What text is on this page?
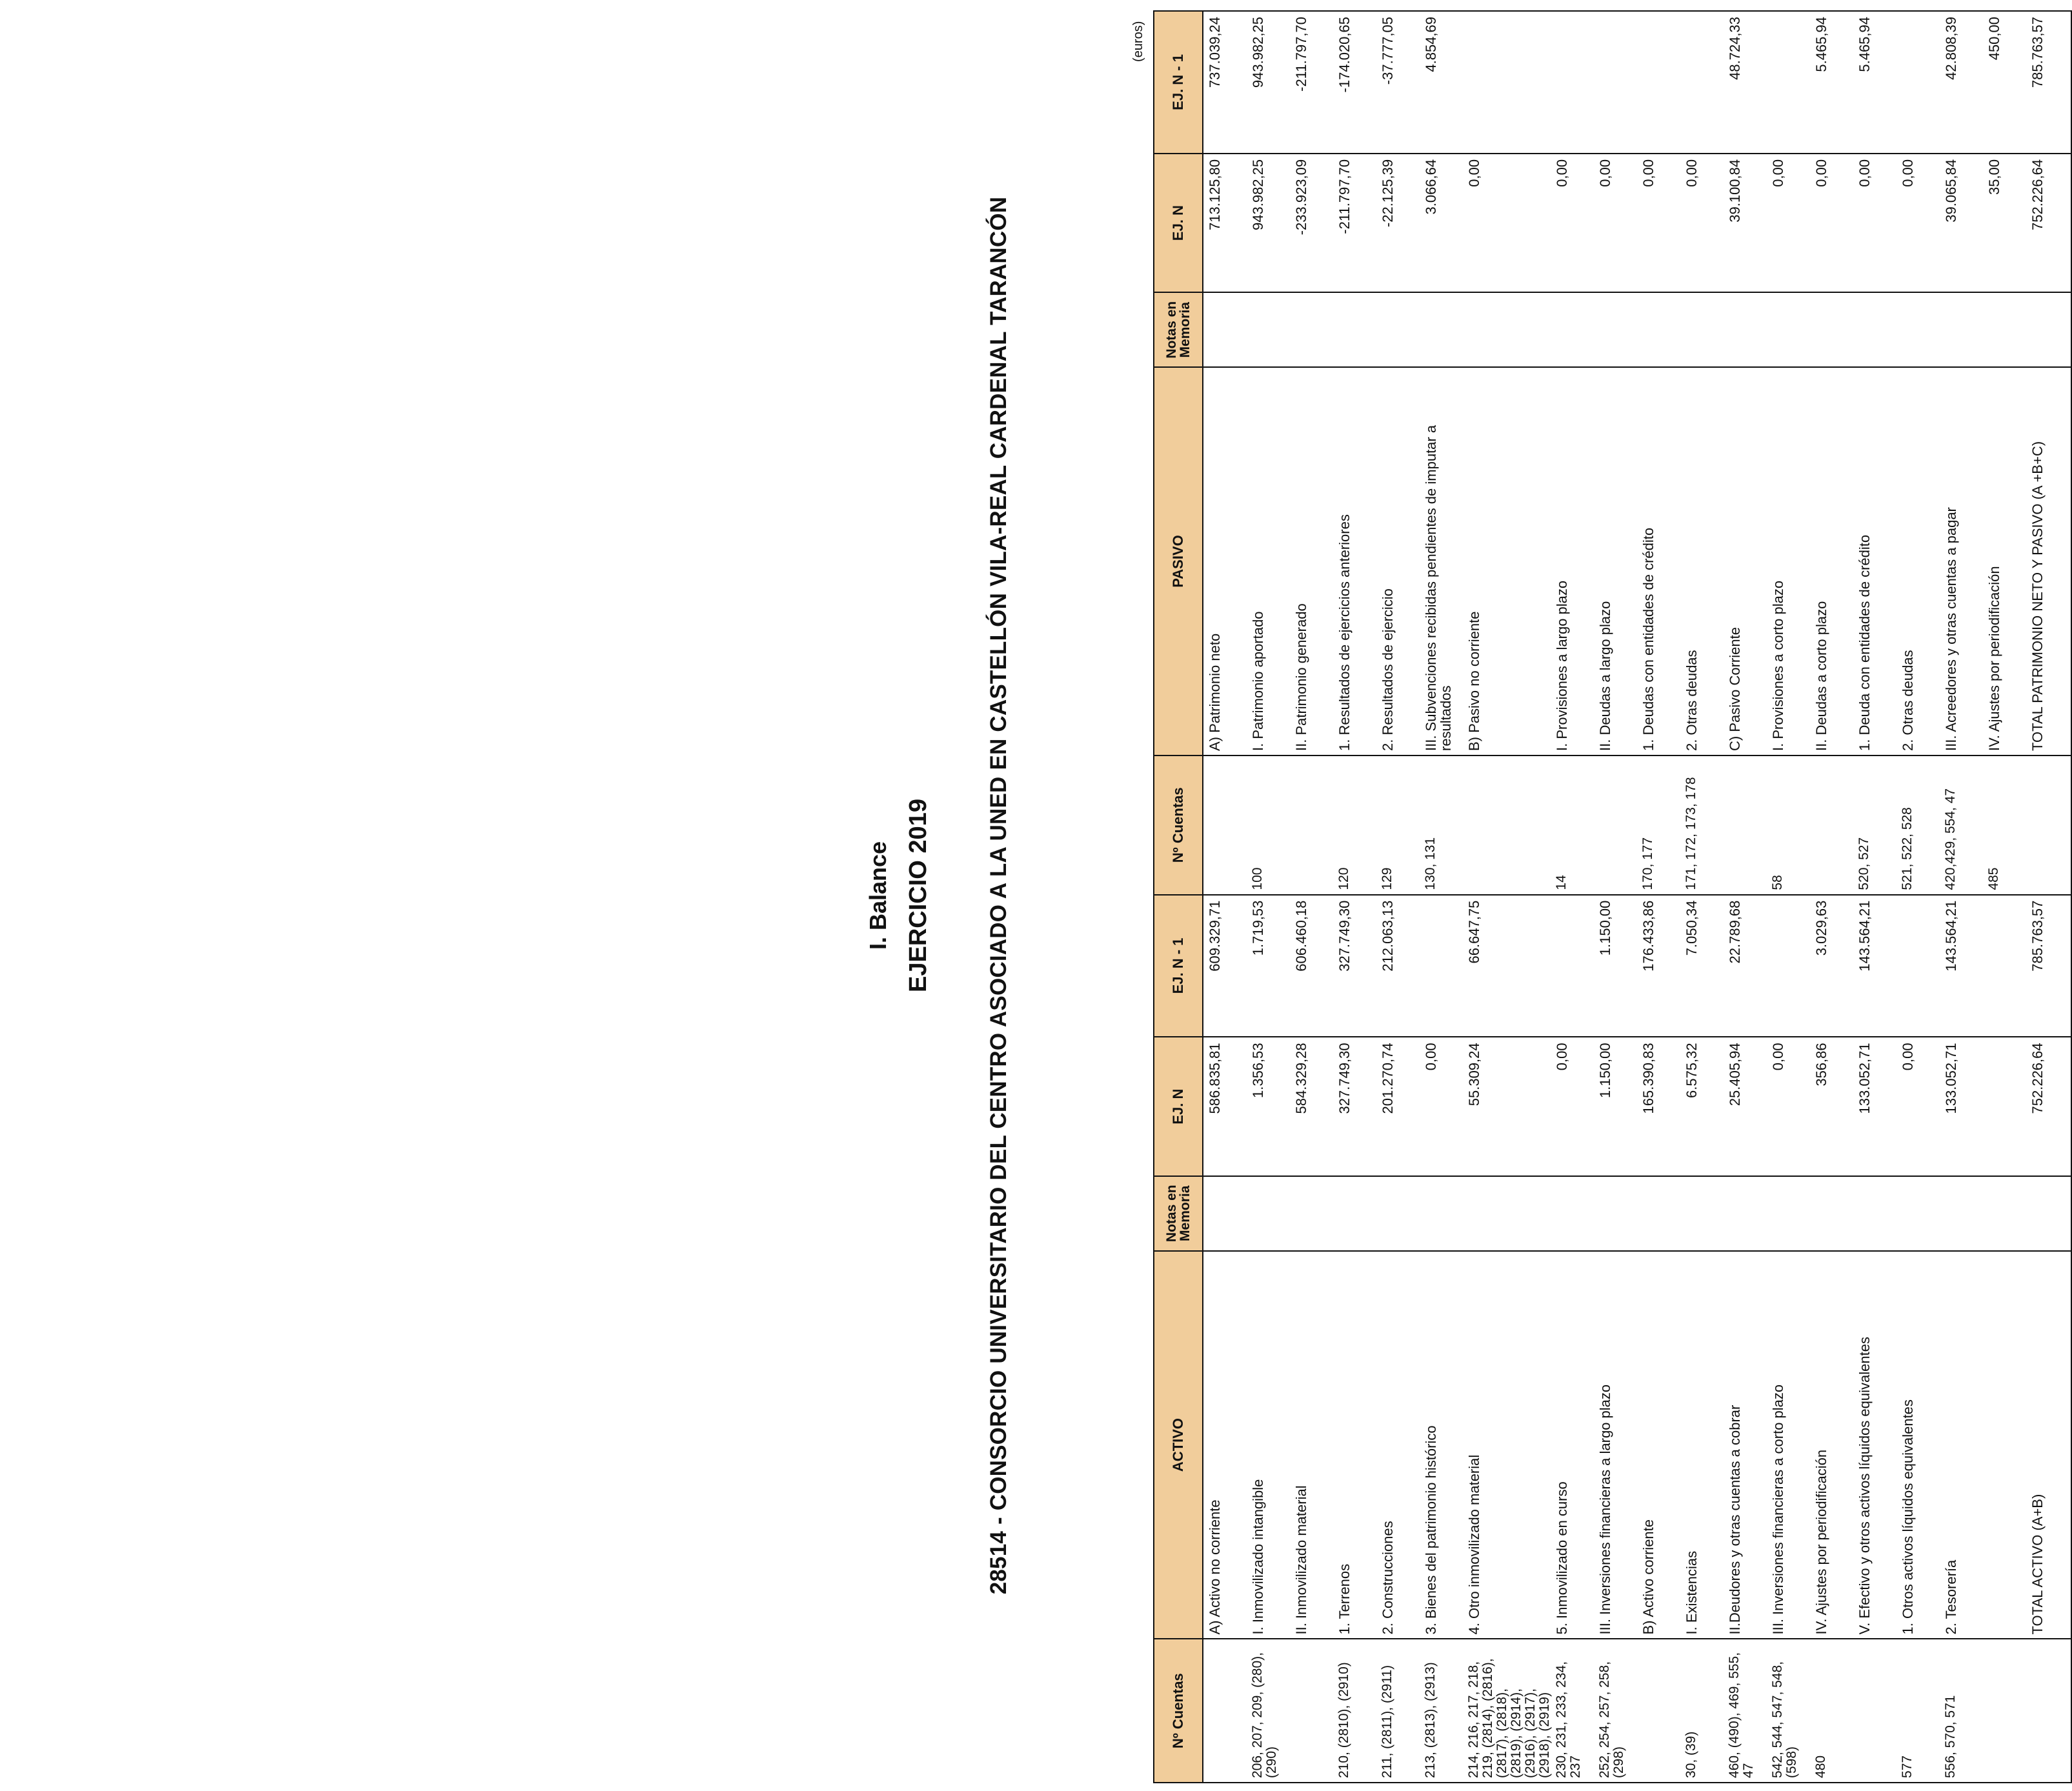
I. Balance EJERCICIO 2019 28514 - CONSORCIO UNIVERSITARIO DEL CENTRO ASOCIADO A LA UNED EN CASTELLÓN VILA-REAL CARDENAL TARANCÓN
(euros)
Nº Cuentas	ACTIVO	Notas en Memoria	EJ. N	EJ. N - 1	Nº Cuentas	PASIVO	Notas en Memoria	EJ. N	EJ. N - 1
	A) Activo no corriente		586.835,81	609.329,71		A) Patrimonio neto		713.125,80	737.039,24
206, 207, 209, (280), (290)	I. Inmovilizado intangible		1.356,53	1.719,53	100	I. Patrimonio aportado		943.982,25	943.982,25
	II. Inmovilizado material		584.329,28	606.460,18		II. Patrimonio generado		-233.923,09	-211.797,70
210, (2810), (2910)	1. Terrenos		327.749,30	327.749,30	120	1. Resultados de ejercicios anteriores		-211.797,70	-174.020,65
211, (2811), (2911)	2. Construcciones		201.270,74	212.063,13	129	2. Resultados de ejercicio		-22.125,39	-37.777,05
213, (2813), (2913)	3. Bienes del patrimonio histórico		0,00		130, 131	III. Subvenciones recibidas pendientes de imputar a resultados		3.066,64	4.854,69
214, 216, 217, 218, 219, (2814), (2816), (2817), (2818), (2819), (2914), (2916), (2917), (2918), (2919)	4. Otro inmovilizado material		55.309,24	66.647,75		B) Pasivo no corriente		0,00	
230, 231, 233, 234, 237	5. Inmovilizado en curso		0,00		14	I. Provisiones a largo plazo		0,00	
252, 254, 257, 258, (298)	III. Inversiones financieras a largo plazo		1.150,00	1.150,00		II. Deudas a largo plazo		0,00	
	B) Activo corriente		165.390,83	176.433,86	170, 177	1. Deudas con entidades de crédito		0,00	
30, (39)	I. Existencias		6.575,32	7.050,34	171, 172, 173, 178	2. Otras deudas		0,00	
460, (490), 469, 555, 47	II.Deudores y otras cuentas a cobrar		25.405,94	22.789,68		C) Pasivo Corriente		39.100,84	48.724,33
542, 544, 547, 548, (598)	III. Inversiones financieras a corto plazo		0,00		58	I. Provisiones a corto plazo		0,00	
480	IV. Ajustes por periodificación		356,86	3.029,63		II. Deudas a corto plazo		0,00	5.465,94
	V. Efectivo y otros activos líquidos equivalentes		133.052,71	143.564,21	520, 527	1. Deuda con entidades de crédito		0,00	5.465,94
577	1. Otros activos líquidos equivalentes		0,00		521, 522, 528	2. Otras deudas		0,00	
556, 570, 571	2. Tesorería		133.052,71	143.564,21	420,429, 554, 47	III. Acreedores y otras cuentas a pagar		39.065,84	42.808,39
					485	IV. Ajustes por periodificación		35,00	450,00
	TOTAL ACTIVO (A+B)		752.226,64	785.763,57		TOTAL PATRIMONIO NETO Y PASIVO (A +B+C)		752.226,64	785.763,57
